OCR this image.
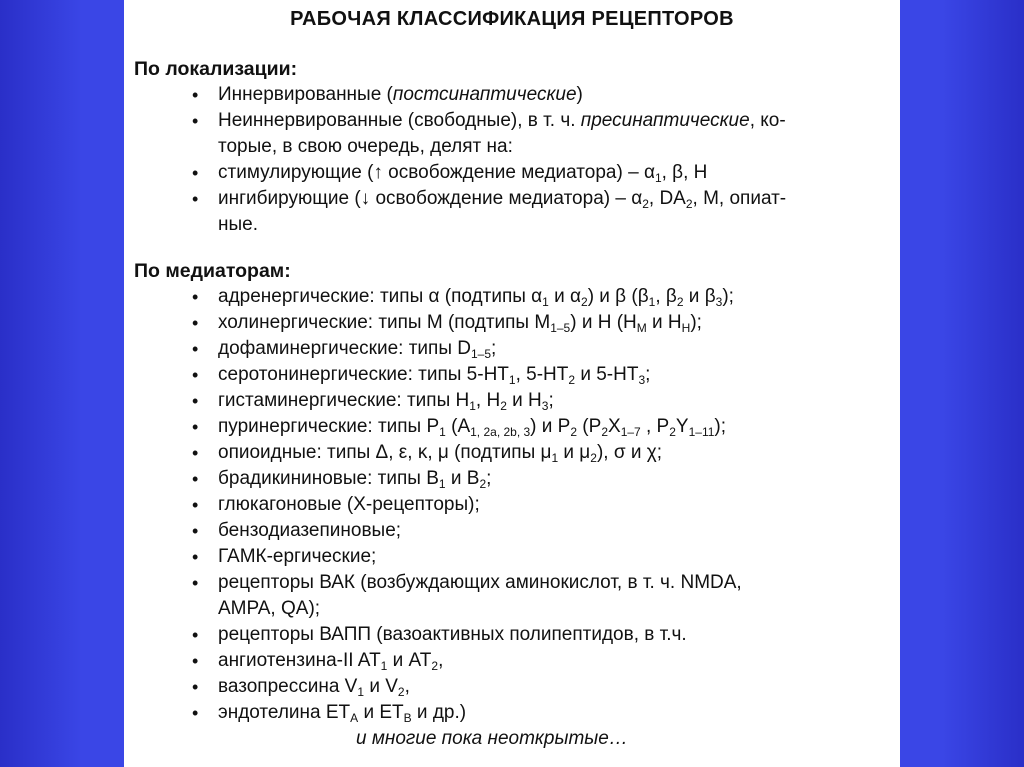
РАБОЧАЯ КЛАССИФИКАЦИЯ РЕЦЕПТОРОВ

По локализации:

• Иннервированные (постсинаптические)
• Неиннервированные (свободные), в т. ч. пресинаптические, ко-
торые, в свою очередь, делят на:
• стимулирующие (↑ освобождение медиатора) – $\alpha_1$, β, H
• ингибирующие (↓ освобождение медиатора) – $\alpha_2$, $DA_2$, M, опиат-
ные.

По медиаторам:

• адренергические: типы α (подтипы $\alpha_1$ и $\alpha_2$) и β ($\beta_1$, $\beta_2$ и $\beta_3$);
• холинергические: типы M (подтипы $M_{1-5}$) и H ($H_M$ и $H_H$);
• дофаминергические: типы $D_{1-5}$;
• серотонинергические: типы $5-HT_1$, $5-HT_2$ и $5-HT_3$;
• гистаминергические: типы $H_1$, $H_2$ и $H_3$;
• пуринергические: типы $P_1$ $(A_{1, 2a, 2b, 3})$ и $P_2$ ($P_2X_{1-7}$ , $P_2Y_{1-11}$);
• опиоидные: типы Δ, ε, κ, μ (подтипы $\mu_1$ и $\mu_2$), σ и χ;
• брадикининовые: типы $B_1$ и $B_2$;
• глюкагоновые (X-рецепторы);
• бензодиазепиновые;
• ГАМК-ергические;
• рецепторы ВАК (возбуждающих аминокислот, в т. ч. NMDA,
AMPA, QA);
• рецепторы ВАПП (вазоактивных полипептидов, в т.ч.
• ангиотензина-II $AT_1$ и $AT_2$,
• вазопрессина $V_1$ и $V_2$,
• эндотелина $ET_A$ и $ET_B$ и др.)
и многие пока неоткрытые…
